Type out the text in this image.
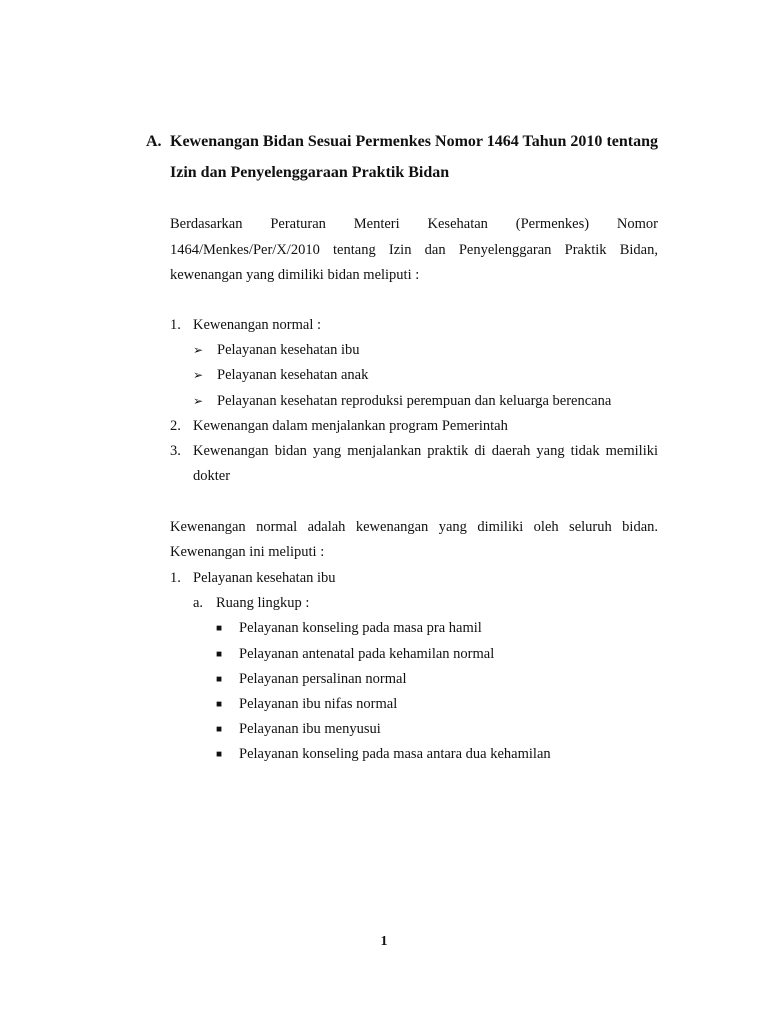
A. Kewenangan Bidan Sesuai Permenkes Nomor 1464 Tahun 2010 tentang Izin dan Penyelenggaraan Praktik Bidan
Berdasarkan Peraturan Menteri Kesehatan (Permenkes) Nomor
1464/Menkes/Per/X/2010 tentang Izin dan Penyelenggaran Praktik Bidan,
kewenangan yang dimiliki bidan meliputi :
1. Kewenangan normal :
➢ Pelayanan kesehatan ibu
➢ Pelayanan kesehatan anak
➢ Pelayanan kesehatan reproduksi perempuan dan keluarga berencana
2. Kewenangan dalam menjalankan program Pemerintah
3. Kewenangan bidan yang menjalankan praktik di daerah yang tidak memiliki dokter
Kewenangan normal adalah kewenangan yang dimiliki oleh seluruh bidan.
Kewenangan ini meliputi :
1. Pelayanan kesehatan ibu
a. Ruang lingkup :
■ Pelayanan konseling pada masa pra hamil
■ Pelayanan antenatal pada kehamilan normal
■ Pelayanan persalinan normal
■ Pelayanan ibu nifas normal
■ Pelayanan ibu menyusui
■ Pelayanan konseling pada masa antara dua kehamilan
1
